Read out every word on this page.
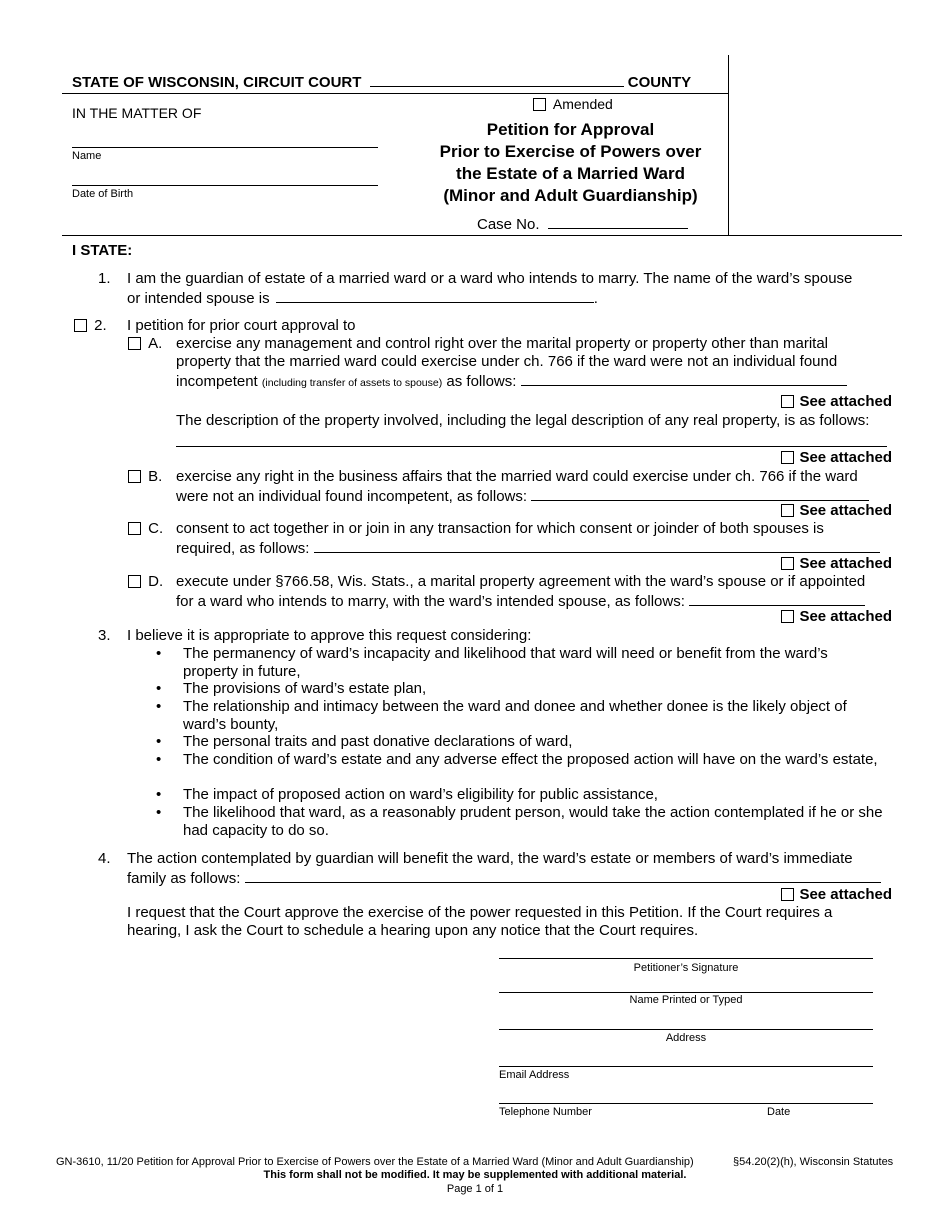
STATE OF WISCONSIN, CIRCUIT COURT	COUNTY
IN THE MATTER OF
Name
Date of Birth
Amended
Petition for Approval
Prior to Exercise of Powers over
the Estate of a Married Ward
(Minor and Adult Guardianship)
Case No.
I STATE:
1. I am the guardian of estate of a married ward or a ward who intends to marry. The name of the ward’s spouse
or intended spouse is	.
2. I petition for prior court approval to
A. exercise any management and control right over the marital property or property other than marital
property that the married ward could exercise under ch. 766 if the ward were not an individual found
incompetent (including transfer of assets to spouse) as follows:
See attached
The description of the property involved, including the legal description of any real property, is as follows:
See attached
B. exercise any right in the business affairs that the married ward could exercise under ch. 766 if the ward
were not an individual found incompetent, as follows:
See attached
C. consent to act together in or join in any transaction for which consent or joinder of both spouses is
required, as follows:
See attached
D. execute under §766.58, Wis. Stats., a marital property agreement with the ward’s spouse or if appointed
for a ward who intends to marry, with the ward’s intended spouse, as follows:
See attached
3. I believe it is appropriate to approve this request considering:
• The permanency of ward’s incapacity and likelihood that ward will need or benefit from the ward’s property in future,
• The provisions of ward’s estate plan,
• The relationship and intimacy between the ward and donee and whether donee is the likely object of ward’s bounty,
• The personal traits and past donative declarations of ward,
• The condition of ward’s estate and any adverse effect the proposed action will have on the ward’s estate,
• The impact of proposed action on ward’s eligibility for public assistance,
• The likelihood that ward, as a reasonably prudent person, would take the action contemplated if he or she had capacity to do so.
4. The action contemplated by guardian will benefit the ward, the ward’s estate or members of ward’s immediate
family as follows:
See attached
I request that the Court approve the exercise of the power requested in this Petition. If the Court requires a hearing, I ask the Court to schedule a hearing upon any notice that the Court requires.
Petitioner’s Signature
Name Printed or Typed
Address
Email Address
Telephone Number	Date
GN-3610, 11/20 Petition for Approval Prior to Exercise of Powers over the Estate of a Married Ward (Minor and Adult Guardianship)	§54.20(2)(h), Wisconsin Statutes
This form shall not be modified. It may be supplemented with additional material.
Page 1 of 1
